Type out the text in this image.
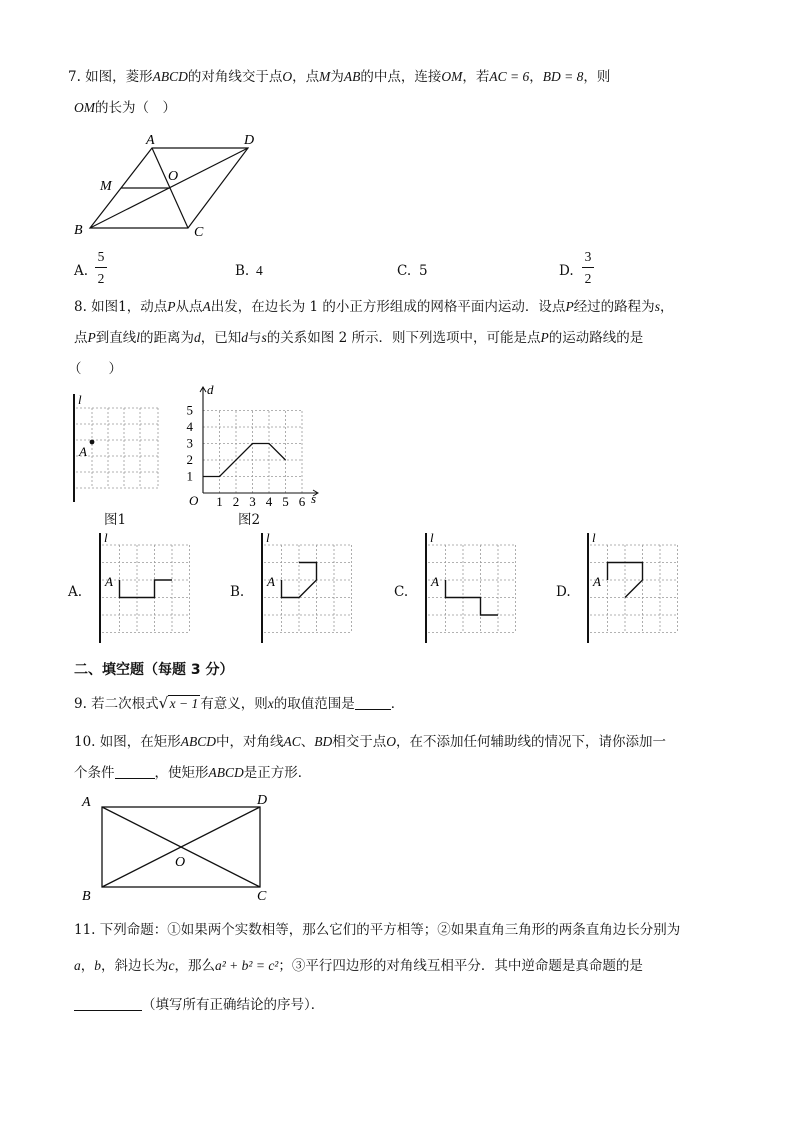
7. 如图，菱形ABCD的对角线交于点O，点M为AB的中点，连接OM，若AC = 6，BD = 8，则
OM的长为（　）
A	D
M
O
B	C
A.
5
2	B. 4	C. 5	D.
3
2
8. 如图1，动点P从点A出发，在边长为 1 的小正方形组成的网格平面内运动．设点P经过的路程为s，
点P到直线l的距离为d，已知d与s的关系如图 2 所示．则下列选项中，可能是点P的运动路线的是
（　　）
l
A
图1
1
2
3
4
5
1 2 3 4 5 6
d
s
O
图2
A.
l
A
B.
l
A
C.
l
A
D.
l
A
二、填空题（每题 3 分）
9. 若二次根式 √ x − 1 有意义，则x的取值范围是	．
10. 如图，在矩形ABCD中，对角线AC、BD相交于点O，在不添加任何辅助线的情况下，请你添加一
个条件	，使矩形ABCD是正方形．
A	D
O
B	C
11. 下列命题：①如果两个实数相等，那么它们的平方相等；②如果直角三角形的两条直角边长分别为
a，b，斜边长为c，那么a² + b² = c²；③平行四边形的对角线互相平分．其中逆命题是真命题的是
（填写所有正确结论的序号）．
